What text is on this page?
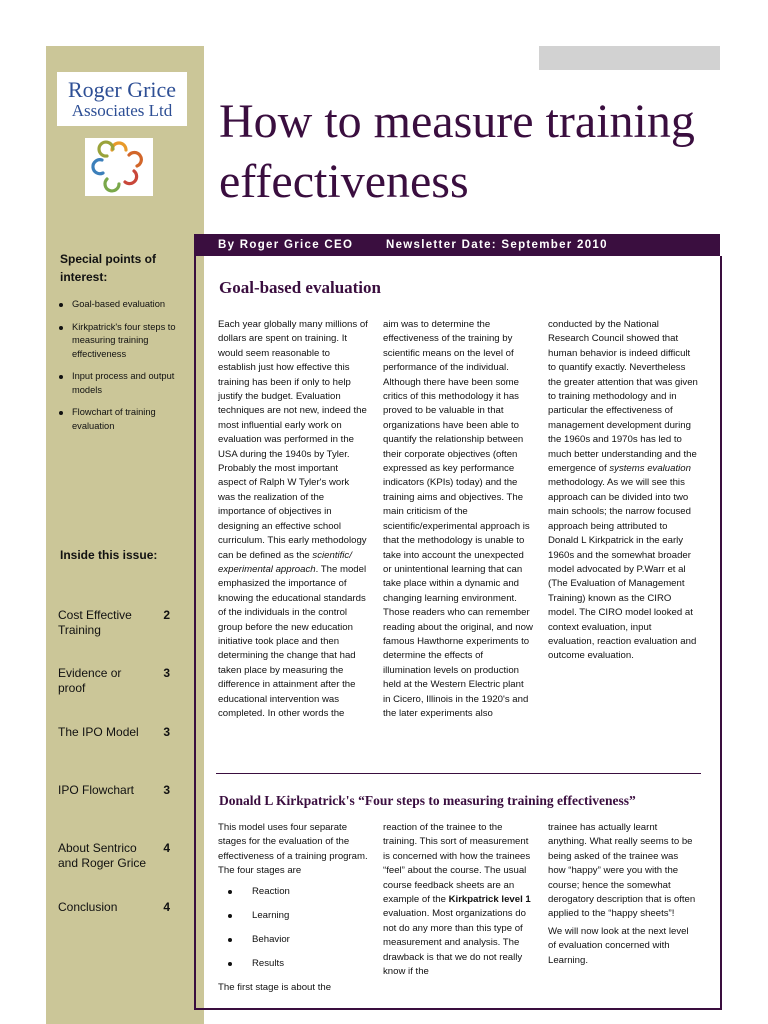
Roger Grice
Associates Ltd
Special points of interest:
Goal-based evaluation
Kirkpatrick's four steps to measuring training effectiveness
Input process and output models
Flowchart of training evaluation
Inside this issue:
Cost Effective Training
2
Evidence or proof
3
The IPO Model 3
IPO Flowchart 3
About Sentrico and Roger Grice
4
Conclusion	4
How to measure training effectiveness
By Roger Grice CEO	Newsletter Date: September 2010
Goal-based evaluation

Each year globally many millions of dollars are spent on training. It would seem reasonable to establish just how effective this training has been if only to help justify the budget. Evaluation techniques are not new, indeed the most influential early work on evaluation was performed in the USA during the 1940s by Tyler. Probably the most important aspect of Ralph W Tyler's work was the realization of the importance of objectives in designing an effective school curriculum. This early methodology can be defined as the scientific/ experimental approach. The model emphasized the importance of knowing the educational standards of the individuals in the control group before the new education initiative took place and then determining the change that had taken place by measuring the difference in attainment after the educational intervention was completed. In other words the

aim was to determine the effectiveness of the training by scientific means on the level of performance of the individual. Although there have been some critics of this methodology it has proved to be valuable in that organizations have been able to quantify the relationship between their corporate objectives (often expressed as key performance indicators (KPIs) today) and the training aims and objectives. The main criticism of the scientific/experimental approach is that the methodology is unable to take into account the unexpected or unintentional learning that can take place within a dynamic and changing learning environment. Those readers who can remember reading about the original, and now famous Hawthorne experiments to determine the effects of illumination levels on production held at the Western Electric plant in Cicero, Illinois in the 1920's and the later experiments also

conducted by the National Research Council showed that human behavior is indeed difficult to quantify exactly. Nevertheless the greater attention that was given to training methodology and in particular the effectiveness of management development during the 1960s and 1970s has led to much better understanding and the emergence of systems evaluation methodology. As we will see this approach can be divided into two main schools; the narrow focused approach being attributed to Donald L Kirkpatrick in the early 1960s and the somewhat broader model advocated by P.Warr et al (The Evaluation of Management Training) known as the CIRO model. The CIRO model looked at context evaluation, input evaluation, reaction evaluation and outcome evaluation.

Donald L Kirkpatrick's “Four steps to measuring training effectiveness”

This model uses four separate stages for the evaluation of the effectiveness of a training program. The four stages are

Reaction
Learning
Behavior
Results

The first stage is about the

reaction of the trainee to the training. This sort of measurement is concerned with how the trainees “feel” about the course. The usual course feedback sheets are an example of the Kirkpatrick level 1 evaluation. Most organizations do not do any more than this type of measurement and analysis. The drawback is that we do not really know if the

trainee has actually learnt anything. What really seems to be being asked of the trainee was how “happy” were you with the course; hence the somewhat derogatory description that is often applied to the “happy sheets”!

We will now look at the next level of evaluation concerned with Learning.
